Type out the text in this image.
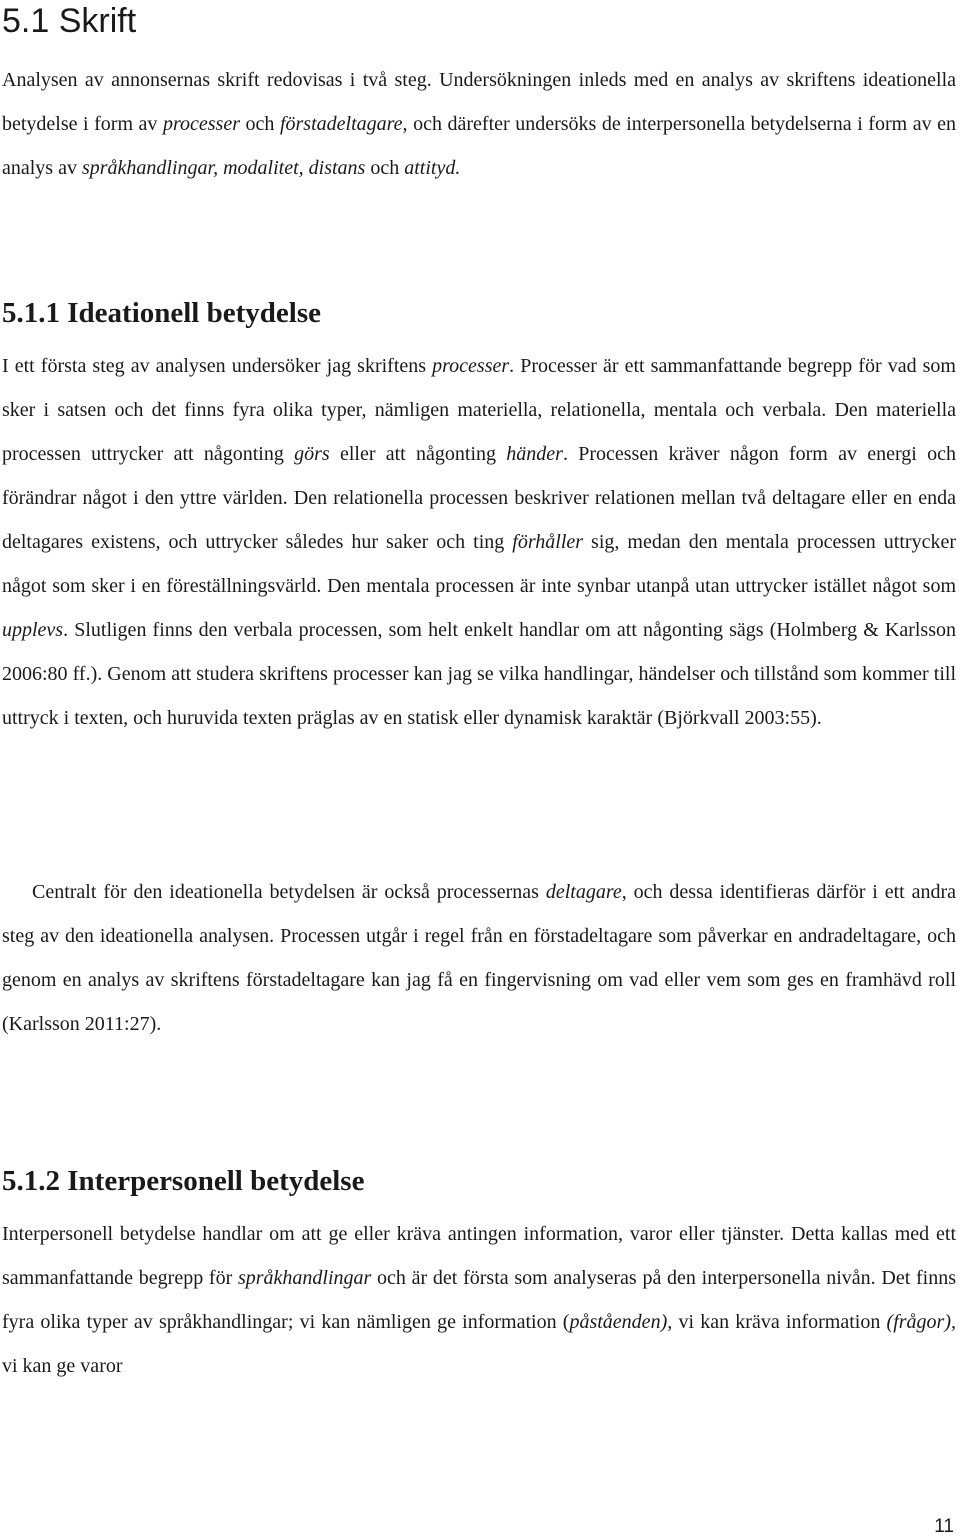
5.1 Skrift

Analysen av annonsernas skrift redovisas i två steg. Undersökningen inleds med en analys av skriftens ideationella betydelse i form av processer och förstadeltagare, och därefter undersöks de interpersonella betydelserna i form av en analys av språkhandlingar, modalitet, distans och attityd.

5.1.1 Ideationell betydelse

I ett första steg av analysen undersöker jag skriftens processer. Processer är ett sammanfattande begrepp för vad som sker i satsen och det finns fyra olika typer, nämligen materiella, relationella, mentala och verbala. Den materiella processen uttrycker att någonting görs eller att någonting händer. Processen kräver någon form av energi och förändrar något i den yttre världen. Den relationella processen beskriver relationen mellan två deltagare eller en enda deltagares existens, och uttrycker således hur saker och ting förhåller sig, medan den mentala processen uttrycker något som sker i en föreställningsvärld. Den mentala processen är inte synbar utanpå utan uttrycker istället något som upplevs. Slutligen finns den verbala processen, som helt enkelt handlar om att någonting sägs (Holmberg & Karlsson 2006:80 ff.). Genom att studera skriftens processer kan jag se vilka handlingar, händelser och tillstånd som kommer till uttryck i texten, och huruvida texten präglas av en statisk eller dynamisk karaktär (Björkvall 2003:55).

Centralt för den ideationella betydelsen är också processernas deltagare, och dessa identifieras därför i ett andra steg av den ideationella analysen. Processen utgår i regel från en förstadeltagare som påverkar en andradeltagare, och genom en analys av skriftens förstadeltagare kan jag få en fingervisning om vad eller vem som ges en framhävd roll (Karlsson 2011:27).

5.1.2 Interpersonell betydelse

Interpersonell betydelse handlar om att ge eller kräva antingen information, varor eller tjänster. Detta kallas med ett sammanfattande begrepp för språkhandlingar och är det första som analyseras på den interpersonella nivån. Det finns fyra olika typer av språkhandlingar; vi kan nämligen ge information (påståenden), vi kan kräva information (frågor), vi kan ge varor

11
